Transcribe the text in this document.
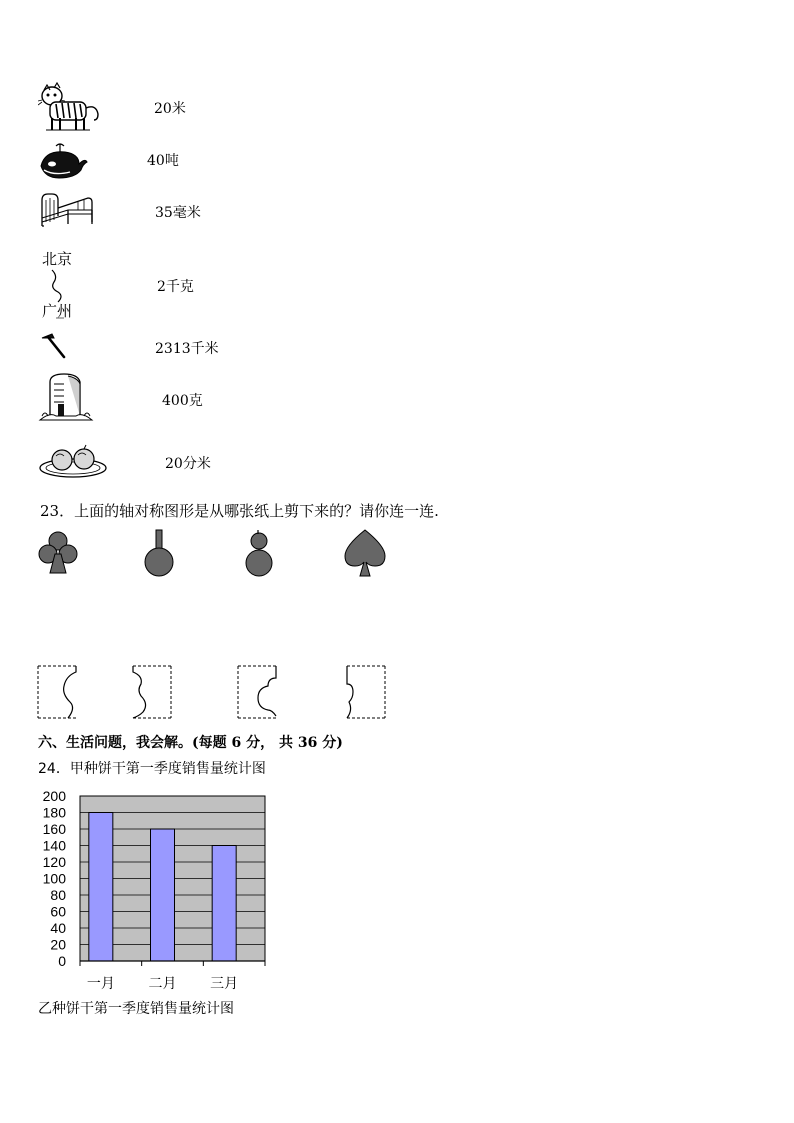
20米
40吨
35毫米
北京
广州
2千克
2313千米
400克
20分米
23．上面的轴对称图形是从哪张纸上剪下来的？请你连一连.
六、生活问题，我会解。(每题 6 分， 共 36 分)
24．甲种饼干第一季度销售量统计图
200
180
160
140
120
100
80
60
40
20
0
一月 二月 三月
乙种饼干第一季度销售量统计图
